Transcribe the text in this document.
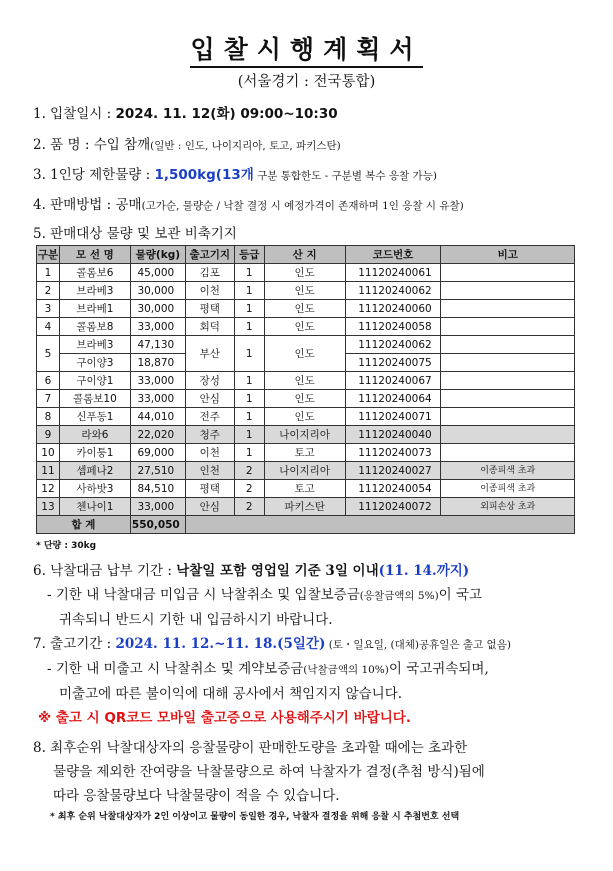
입찰시행계획서
(서울경기 : 전국통합)
1. 입찰일시 : 2024. 11. 12(화) 09:00~10:30
2. 품 명 : 수입 참깨(일반 : 인도, 나이지리아, 토고, 파키스탄)
3. 1인당 제한물량 : 1,500kg(13개 구분 통합한도 - 구분별 복수 응찰 가능)
4. 판매방법 : 공매(고가순, 물량순 / 낙찰 결정 시 예정가격이 존재하며 1인 응찰 시 유찰)
5. 판매대상 물량 및 보관 비축기지
구분	모 선 명	물량(kg)	출고기지	등급	산 지	코드번호	비고
1	콜롬보6	45,000	김포	1	인도	11120240061	
2	브라베3	30,000	이천	1	인도	11120240062	
3	브라베1	30,000	평택	1	인도	11120240060	
4	콜롬보8	33,000	회덕	1	인도	11120240058	
5	브라베3	47,130	부산	1	인도	11120240062	
	구이양3	18,870				11120240075	
6	구이양1	33,000	장성	1	인도	11120240067	
7	콜롬보10	33,000	안심	1	인도	11120240064	
8	신푸동1	44,010	전주	1	인도	11120240071	
9	라와6	22,020	청주	1	나이지리아	11120240040	
10	카이퉁1	69,000	이천	1	토고	11120240073	
11	셈페나2	27,510	인천	2	나이지리아	11120240027	이종피색 초과
12	사하밧3	84,510	평택	2	토고	11120240054	이종피색 초과
13	첸나이1	33,000	안심	2	파키스탄	11120240072	외피손상 초과
합 계		550,050					
* 단량 : 30kg
6. 낙찰대금 납부 기간 : 낙찰일 포함 영업일 기준 3일 이내(11. 14.까지)
- 기한 내 낙찰대금 미입금 시 낙찰취소 및 입찰보증금(응찰금액의 5%)이 국고
귀속되니 반드시 기한 내 입금하시기 바랍니다.
7. 출고기간 : 2024. 11. 12.~11. 18.(5일간) (토・일요일, (대체)공휴일은 출고 없음)
- 기한 내 미출고 시 낙찰취소 및 계약보증금(낙찰금액의 10%)이 국고귀속되며,
미출고에 따른 불이익에 대해 공사에서 책임지지 않습니다.
※ 출고 시 QR코드 모바일 출고증으로 사용해주시기 바랍니다.
8. 최후순위 낙찰대상자의 응찰물량이 판매한도량을 초과할 때에는 초과한
물량을 제외한 잔여량을 낙찰물량으로 하여 낙찰자가 결정(추첨 방식)됨에
따라 응찰물량보다 낙찰물량이 적을 수 있습니다.
* 최후 순위 낙찰대상자가 2인 이상이고 물량이 동일한 경우, 낙찰자 결정을 위해 응찰 시 추첨번호 선택
